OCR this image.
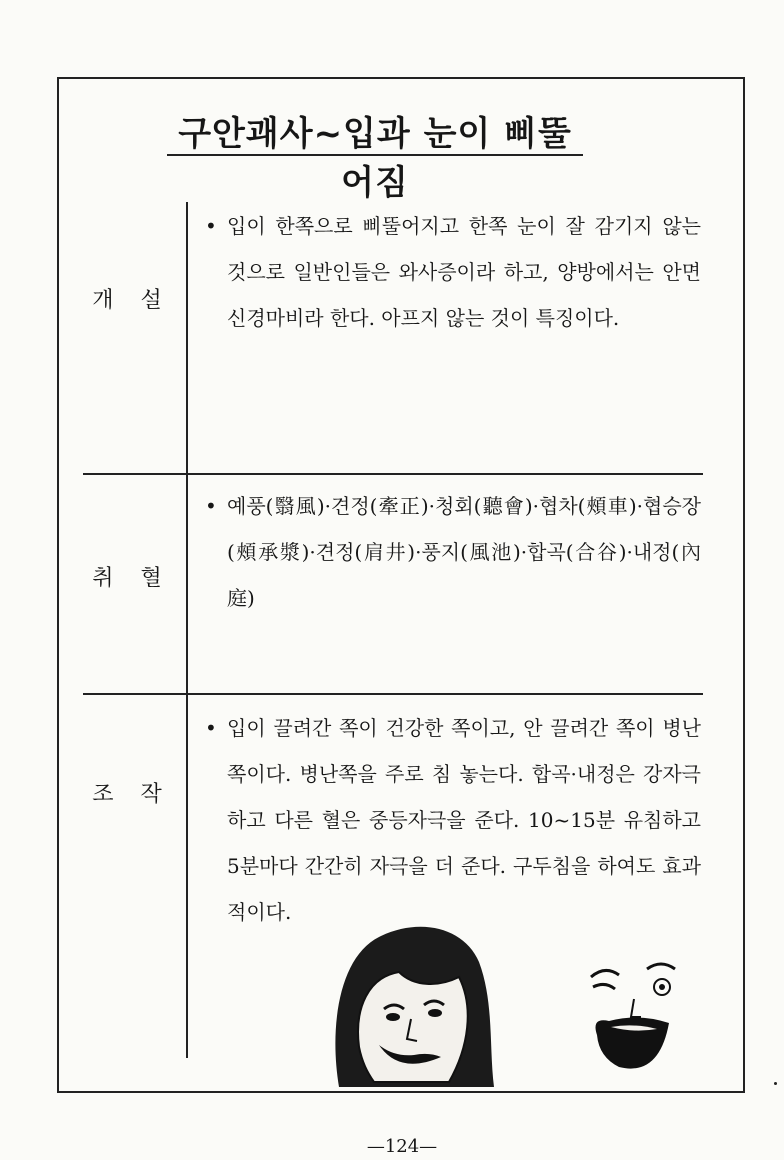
구안괘사~입과 눈이 삐뚤어짐
개 설
• 입이 한쪽으로 삐뚤어지고 한쪽 눈이 잘 감기지 않는 것으로 일반인들은 와사증이라 하고, 양방에서는 안면신경마비라 한다. 아프지 않는 것이 특징이다.
취 혈
• 예풍(翳風)·견정(牽正)·청회(聽會)·협차(頰車)·협승장(頰承漿)·견정(肩井)·풍지(風池)·합곡(合谷)·내정(內庭)
조 작
• 입이 끌려간 쪽이 건강한 쪽이고, 안 끌려간 쪽이 병난 쪽이다. 병난쪽을 주로 침 놓는다. 합곡·내정은 강자극하고 다른 혈은 중등자극을 준다. 10~15분 유침하고 5분마다 간간히 자극을 더 준다. 구두침을 하여도 효과적이다.
—124—
